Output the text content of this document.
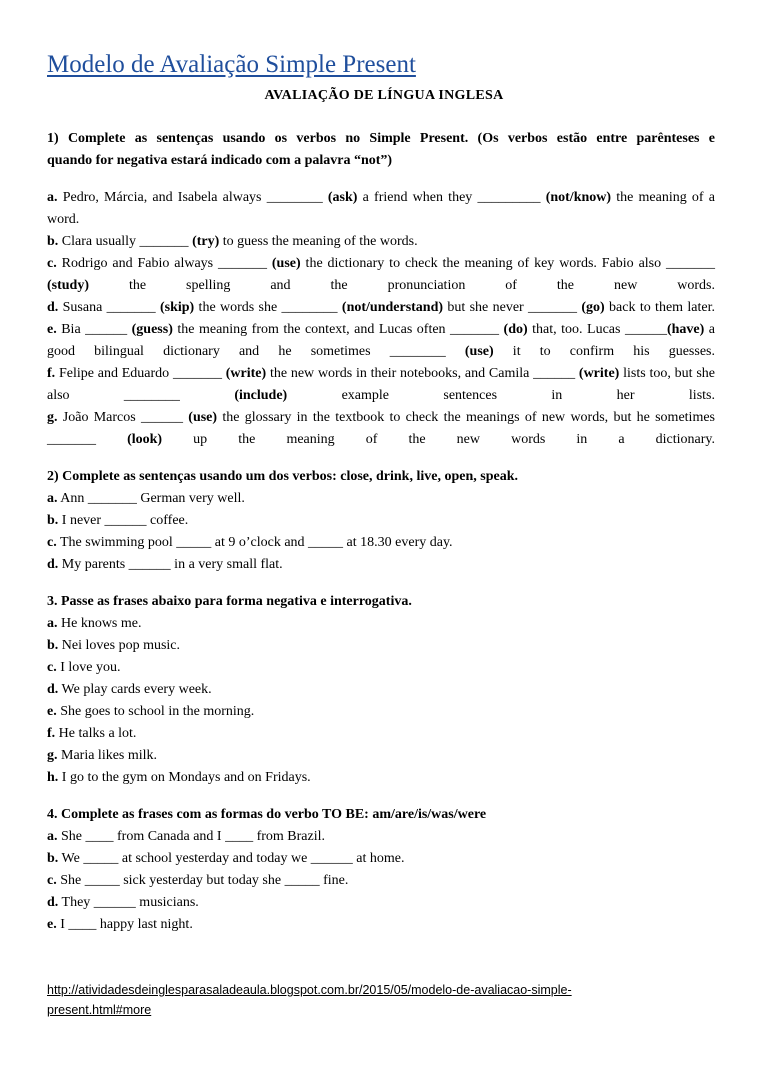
Modelo de Avaliação Simple Present
AVALIAÇÃO DE LÍNGUA INGLESA
1) Complete as sentenças usando os verbos no Simple Present. (Os verbos estão entre parênteses e
quando for negativa estará indicado com a palavra “not”)

a. Pedro, Márcia, and Isabela always ________ (ask) a friend when they _________ (not/know) the meaning of a word.

b. Clara usually _______ (try) to guess the meaning of the words.

c. Rodrigo and Fabio always _______ (use) the dictionary to check the meaning of key words. Fabio also _______ (study) the spelling and the pronunciation of the new words.

d. Susana _______ (skip) the words she ________ (not/understand) but she never _______ (go) back to them later.

e. Bia ______ (guess) the meaning from the context, and Lucas often _______ (do) that, too. Lucas ______(have) a good bilingual dictionary and he sometimes ________ (use) it to confirm his guesses.

f. Felipe and Eduardo _______ (write) the new words in their notebooks, and Camila ______ (write) lists too, but she also ________ (include) example sentences in her lists.

g. João Marcos ______ (use) the glossary in the textbook to check the meanings of new words, but he sometimes _______ (look) up the meaning of the new words in a dictionary.

2) Complete as sentenças usando um dos verbos: close, drink, live, open, speak.

a. Ann _______ German very well.

b. I never ______ coffee.

c. The swimming pool _____ at 9 o’clock and _____ at 18.30 every day.

d. My parents ______ in a very small flat.

3. Passe as frases abaixo para forma negativa e interrogativa.

a. He knows me.

b. Nei loves pop music.

c. I love you.

d. We play cards every week.

e. She goes to school in the morning.

f. He talks a lot.

g. Maria likes milk.

h. I go to the gym on Mondays and on Fridays.

4. Complete as frases com as formas do verbo TO BE: am/are/is/was/were

a. She ____ from Canada and I ____ from Brazil.

b. We _____ at school yesterday and today we ______ at home.

c. She _____ sick yesterday but today she _____ fine.

d. They ______ musicians.

e. I ____ happy last night.

http://atividadesdeinglesparasaladeaula.blogspot.com.br/2015/05/modelo-de-avaliacao-simple-
present.html#more
